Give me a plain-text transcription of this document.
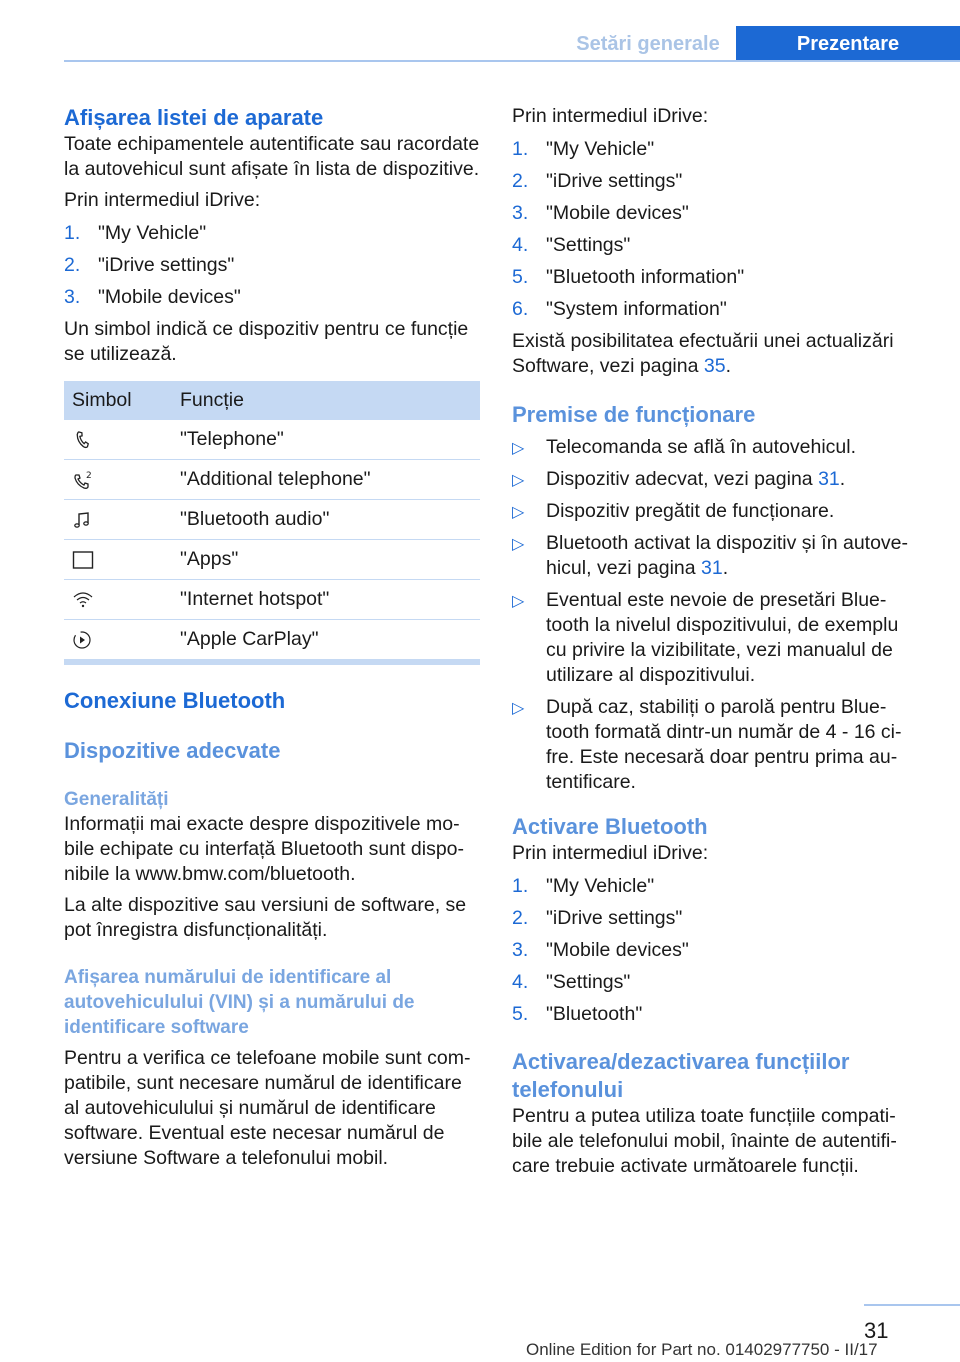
Setări generale	Prezentare
Afișarea listei de aparate

Toate echipamentele autentificate sau racordate la autovehicul sunt afișate în lista de dispozitive.

Prin intermediul iDrive:

1. "My Vehicle"
2. "iDrive settings"
3. "Mobile devices"

Un simbol indică ce dispozitiv pentru ce funcție se utilizează.

Simbol	Funcție
	"Telephone"

2	"Additional telephone"
	"Bluetooth audio"
	"Apps"
	"Internet hotspot"
	"Apple CarPlay"
Conexiune Bluetooth
Dispozitive adecvate
Generalități

Informații mai exacte despre dispozitivele mobile echipate cu interfață Bluetooth sunt disponibile la www.bmw.com/bluetooth.

La alte dispozitive sau versiuni de software, se pot înregistra disfuncționalități.

Afișarea numărului de identificare al autovehiculului (VIN) și a numărului de identificare software

Pentru a verifica ce telefoane mobile sunt compatibile, sunt necesare numărul de identificare al autovehiculului și numărul de identificare software. Eventual este necesar numărul de versiune Software a telefonului mobil.

Prin intermediul iDrive:

1. "My Vehicle"
2. "iDrive settings"
3. "Mobile devices"
4. "Settings"
5. "Bluetooth information"
6. "System information"

Există posibilitatea efectuării unei actualizări Software, vezi pagina 35.

Premise de funcționare
▷ Telecomanda se află în autovehicul.
▷ Dispozitiv adecvat, vezi pagina 31.
▷ Dispozitiv pregătit de funcționare.
▷ Bluetooth activat la dispozitiv și în autovehicul, vezi pagina 31.
▷ Eventual este nevoie de presetări Bluetooth la nivelul dispozitivului, de exemplu cu privire la vizibilitate, vezi manualul de utilizare al dispozitivului.
▷ După caz, stabiliți o parolă pentru Bluetooth formată dintr-un număr de 4 - 16 cifre. Este necesară doar pentru prima autentificare.
Activare Bluetooth

Prin intermediul iDrive:

1. "My Vehicle"
2. "iDrive settings"
3. "Mobile devices"
4. "Settings"
5. "Bluetooth"
Activarea/dezactivarea funcțiilor telefonului

Pentru a putea utiliza toate funcțiile compatibile ale telefonului mobil, înainte de autentificare trebuie activate următoarele funcții.

31
Online Edition for Part no. 01402977750 - II/17
